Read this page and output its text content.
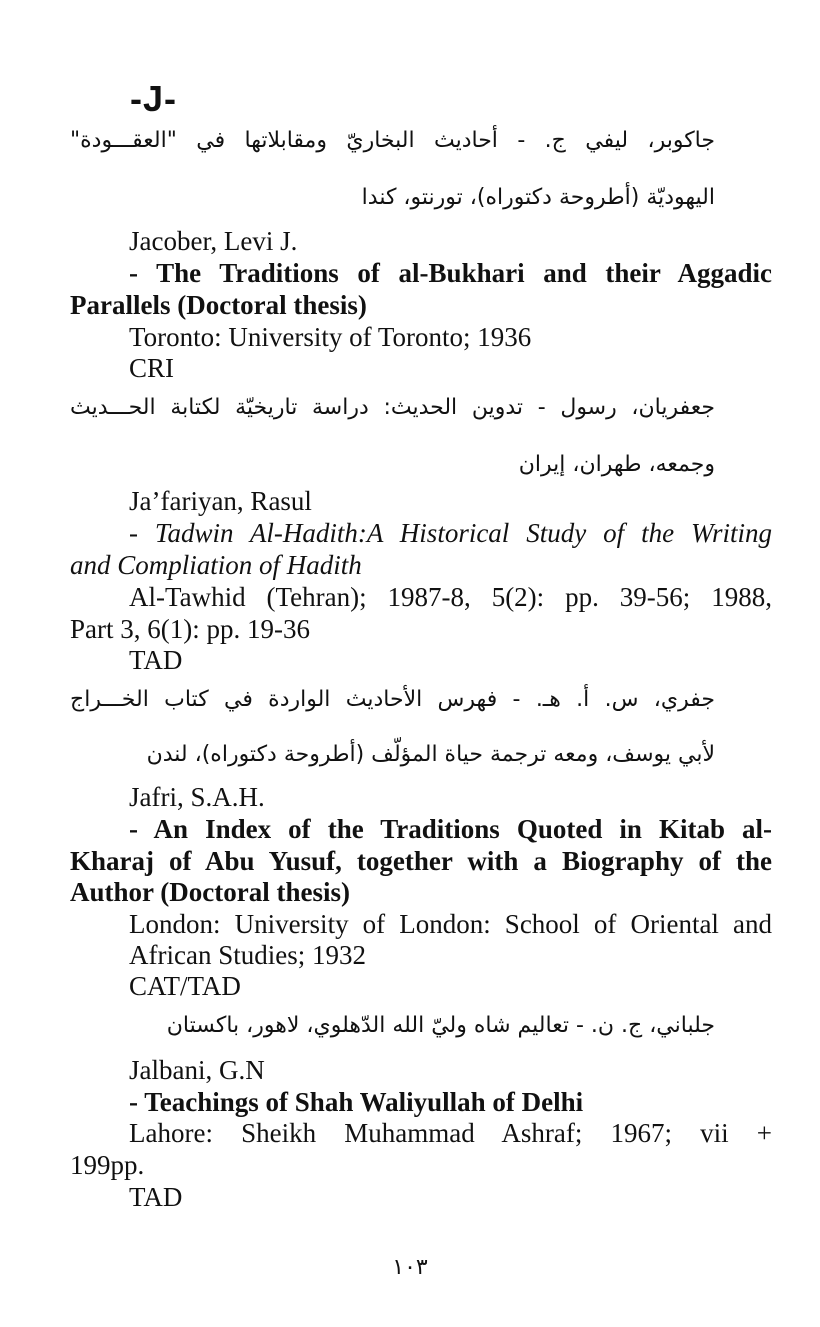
-J-
جاكوبر، ليفي ج. - أحاديث البخاريّ ومقابلاتها في "العقـــودة"
اليهوديّة (أطروحة دكتوراه)، تورنتو، كندا
Jacober, Levi J.
- The Traditions of al-Bukhari and their Aggadic
Parallels (Doctoral thesis)
Toronto: University of Toronto; 1936
CRI
جعفريان، رسول - تدوين الحديث: دراسة تاريخيّة لكتابة الحـــديث
وجمعه، طهران، إيران
Ja’fariyan, Rasul
- Tadwin Al-Hadith:A Historical Study of the Writing
and Compliation of Hadith
Al-Tawhid (Tehran); 1987-8, 5(2): pp. 39-56; 1988,
Part 3, 6(1): pp. 19-36
TAD
جفري، س. أ. هـ. - فهرس الأحاديث الواردة في كتاب الخـــراج
لأبي يوسف، ومعه ترجمة حياة المؤلّف (أطروحة دكتوراه)، لندن
Jafri, S.A.H.
- An Index of the Traditions Quoted in Kitab al-
Kharaj of Abu Yusuf, together with a Biography of the
Author (Doctoral thesis)
London: University of London: School of Oriental and
African Studies; 1932
CAT/TAD
جلباني، ج. ن. - تعاليم شاه وليّ الله الدّهلوي، لاهور، باكستان
Jalbani, G.N
- Teachings of Shah Waliyullah of Delhi
Lahore: Sheikh Muhammad Ashraf; 1967; vii +
199pp.
TAD
١٠٣
